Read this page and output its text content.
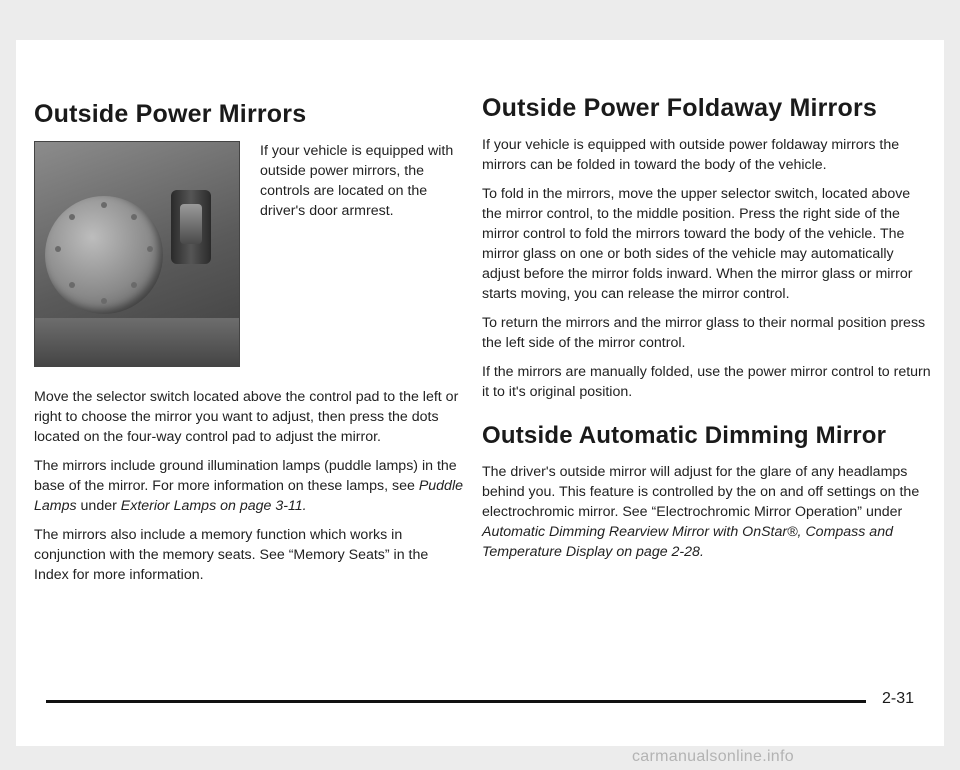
Outside Power Mirrors
If your vehicle is equipped with outside power mirrors, the controls are located on the driver's door armrest.

Move the selector switch located above the control pad to the left or right to choose the mirror you want to adjust, then press the dots located on the four-way control pad to adjust the mirror.

The mirrors include ground illumination lamps (puddle lamps) in the base of the mirror. For more information on these lamps, see Puddle Lamps under Exterior Lamps on page 3-11.

The mirrors also include a memory function which works in conjunction with the memory seats. See “Memory Seats” in the Index for more information.

Outside Power Foldaway Mirrors

If your vehicle is equipped with outside power foldaway mirrors the mirrors can be folded in toward the body of the vehicle.

To fold in the mirrors, move the upper selector switch, located above the mirror control, to the middle position. Press the right side of the mirror control to fold the mirrors toward the body of the vehicle. The mirror glass on one or both sides of the vehicle may automatically adjust before the mirror folds inward. When the mirror glass or mirror starts moving, you can release the mirror control.

To return the mirrors and the mirror glass to their normal position press the left side of the mirror control.

If the mirrors are manually folded, use the power mirror control to return it to it's original position.

Outside Automatic Dimming Mirror

The driver's outside mirror will adjust for the glare of any headlamps behind you. This feature is controlled by the on and off settings on the electrochromic mirror. See “Electrochromic Mirror Operation” under Automatic Dimming Rearview Mirror with OnStar®, Compass and Temperature Display on page 2-28.

2-31
carmanualsonline.info
